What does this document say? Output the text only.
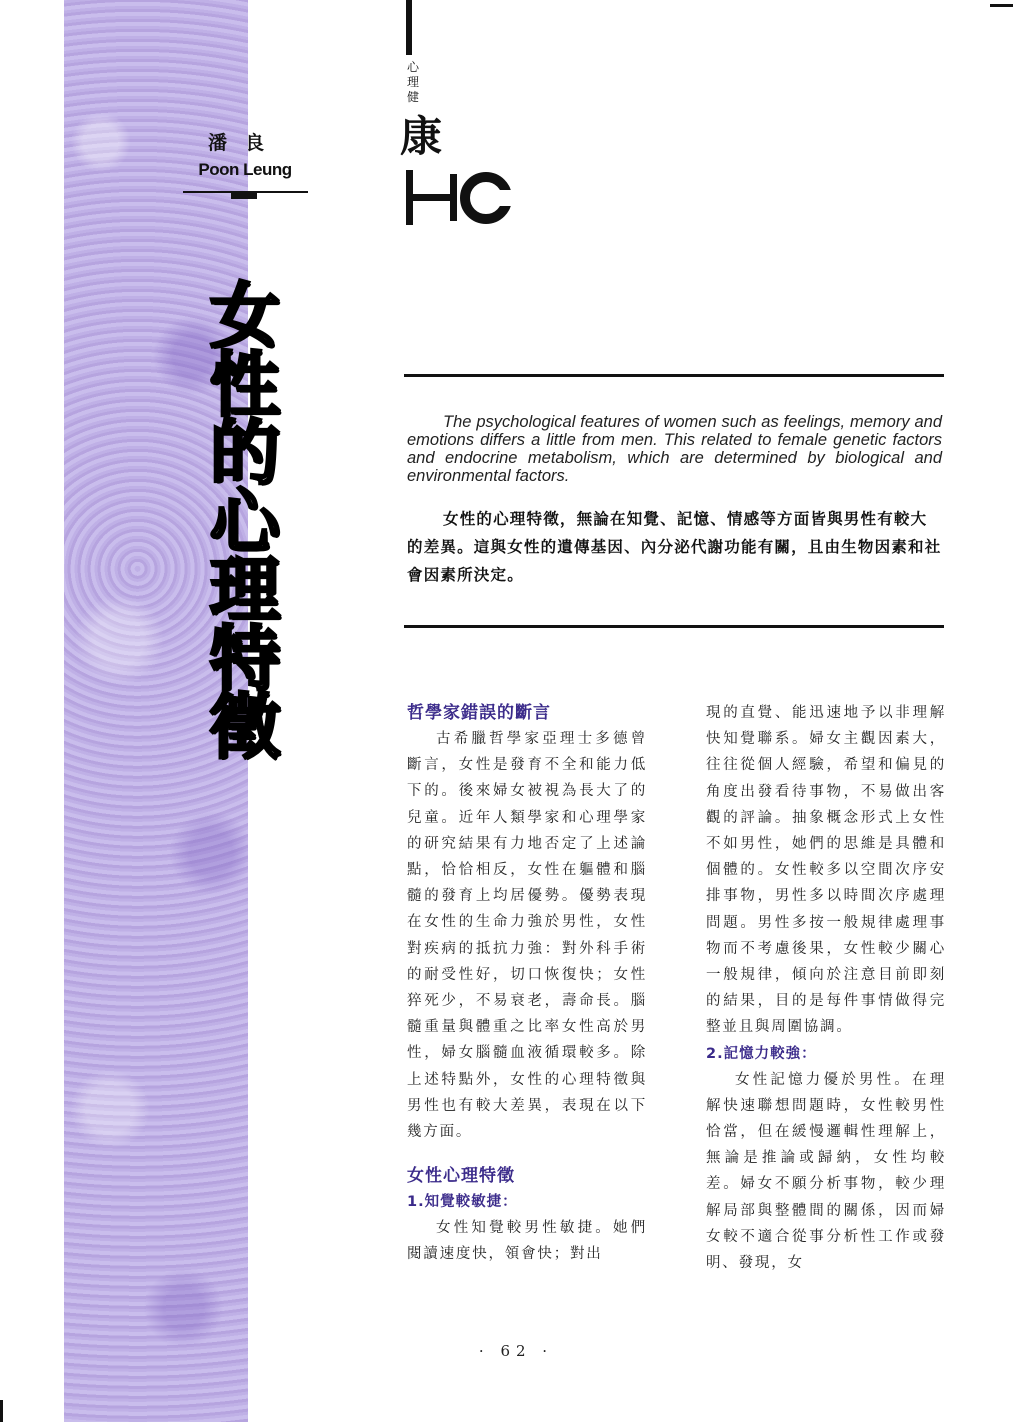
潘良
Poon Leung
女
性
的
心
理
特
徵
心
理
健
康
The psychological features of women such as feelings, memory and emotions differs a little from men. This related to female genetic factors and endocrine metabolism, which are determined by biological and environmental factors.
女性的心理特徵，無論在知覺、記憶、情感等方面皆與男性有較大的差異。這與女性的遺傳基因、內分泌代謝功能有關，且由生物因素和社會因素所決定。
哲學家錯誤的斷言

古希臘哲學家亞理士多德曾斷言，女性是發育不全和能力低下的。後來婦女被視為長大了的兒童。近年人類學家和心理學家的研究結果有力地否定了上述論點，恰恰相反，女性在軀體和腦髓的發育上均居優勢。優勢表現在女性的生命力強於男性，女性對疾病的抵抗力強：對外科手術的耐受性好，切口恢復快；女性猝死少，不易衰老，壽命長。腦髓重量與體重之比率女性高於男性，婦女腦髓血液循環較多。除上述特點外，女性的心理特徵與男性也有較大差異，表現在以下幾方面。

女性心理特徵
1.知覺較敏捷：

女性知覺較男性敏捷。她們閱讀速度快，領會快；對出

現的直覺、能迅速地予以非理解快知覺聯系。婦女主觀因素大，往往從個人經驗，希望和偏見的角度出發看待事物，不易做出客觀的評論。抽象概念形式上女性不如男性，她們的思維是具體和個體的。女性較多以空間次序安排事物，男性多以時間次序處理問題。男性多按一般規律處理事物而不考慮後果，女性較少關心一般規律，傾向於注意目前即刻的結果，目的是每件事情做得完整並且與周圍協調。

2.記憶力較強：

女性記憶力優於男性。在理解快速聯想問題時，女性較男性恰當，但在緩慢邏輯性理解上，無論是推論或歸納，女性均較差。婦女不願分析事物，較少理解局部與整體間的關係，因而婦女較不適合從事分析性工作或發明、發現，女

· 62 ·
